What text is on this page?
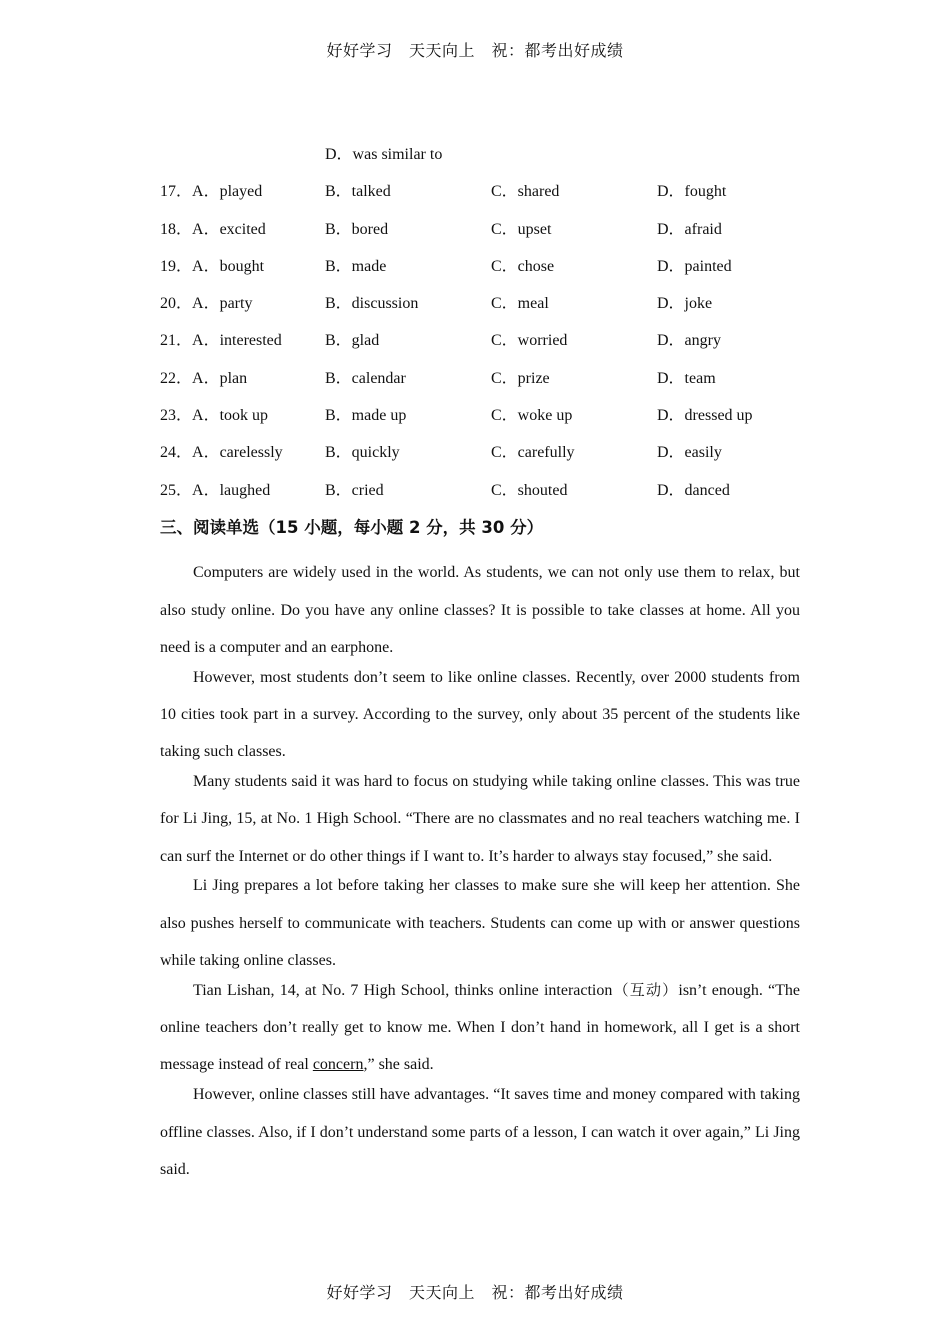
好好学习　天天向上　祝：都考出好成绩
D．was similar to
17．A．played	B．talked	C．shared	D．fought
18．A．excited	B．bored	C．upset	D．afraid
19．A．bought	B．made	C．chose	D．painted
20．A．party	B．discussion	C．meal	D．joke
21．A．interested	B．glad	C．worried	D．angry
22．A．plan	B．calendar	C．prize	D．team
23．A．took up	B．made up	C．woke up	D．dressed up
24．A．carelessly	B．quickly	C．carefully	D．easily
25．A．laughed	B．cried	C．shouted	D．danced
三、阅读单选（15 小题，每小题 2 分，共 30 分）

Computers are widely used in the world. As students, we can not only use them to relax, but also study online. Do you have any online classes? It is possible to take classes at home. All you need is a computer and an earphone.

However, most students don’t seem to like online classes. Recently, over 2000 students from 10 cities took part in a survey. According to the survey, only about 35 percent of the students like taking such classes.

Many students said it was hard to focus on studying while taking online classes. This was true for Li Jing, 15, at No. 1 High School. “There are no classmates and no real teachers watching me. I can surf the Internet or do other things if I want to. It’s harder to always stay focused,” she said.

Li Jing prepares a lot before taking her classes to make sure she will keep her attention. She also pushes herself to communicate with teachers. Students can come up with or answer questions while taking online classes.

Tian Lishan, 14, at No. 7 High School, thinks online interaction（互动）isn’t enough. “The online teachers don’t really get to know me. When I don’t hand in homework, all I get is a short message instead of real concern,” she said.

However, online classes still have advantages. “It saves time and money compared with taking offline classes. Also, if I don’t understand some parts of a lesson, I can watch it over again,” Li Jing said.

好好学习　天天向上　祝：都考出好成绩
